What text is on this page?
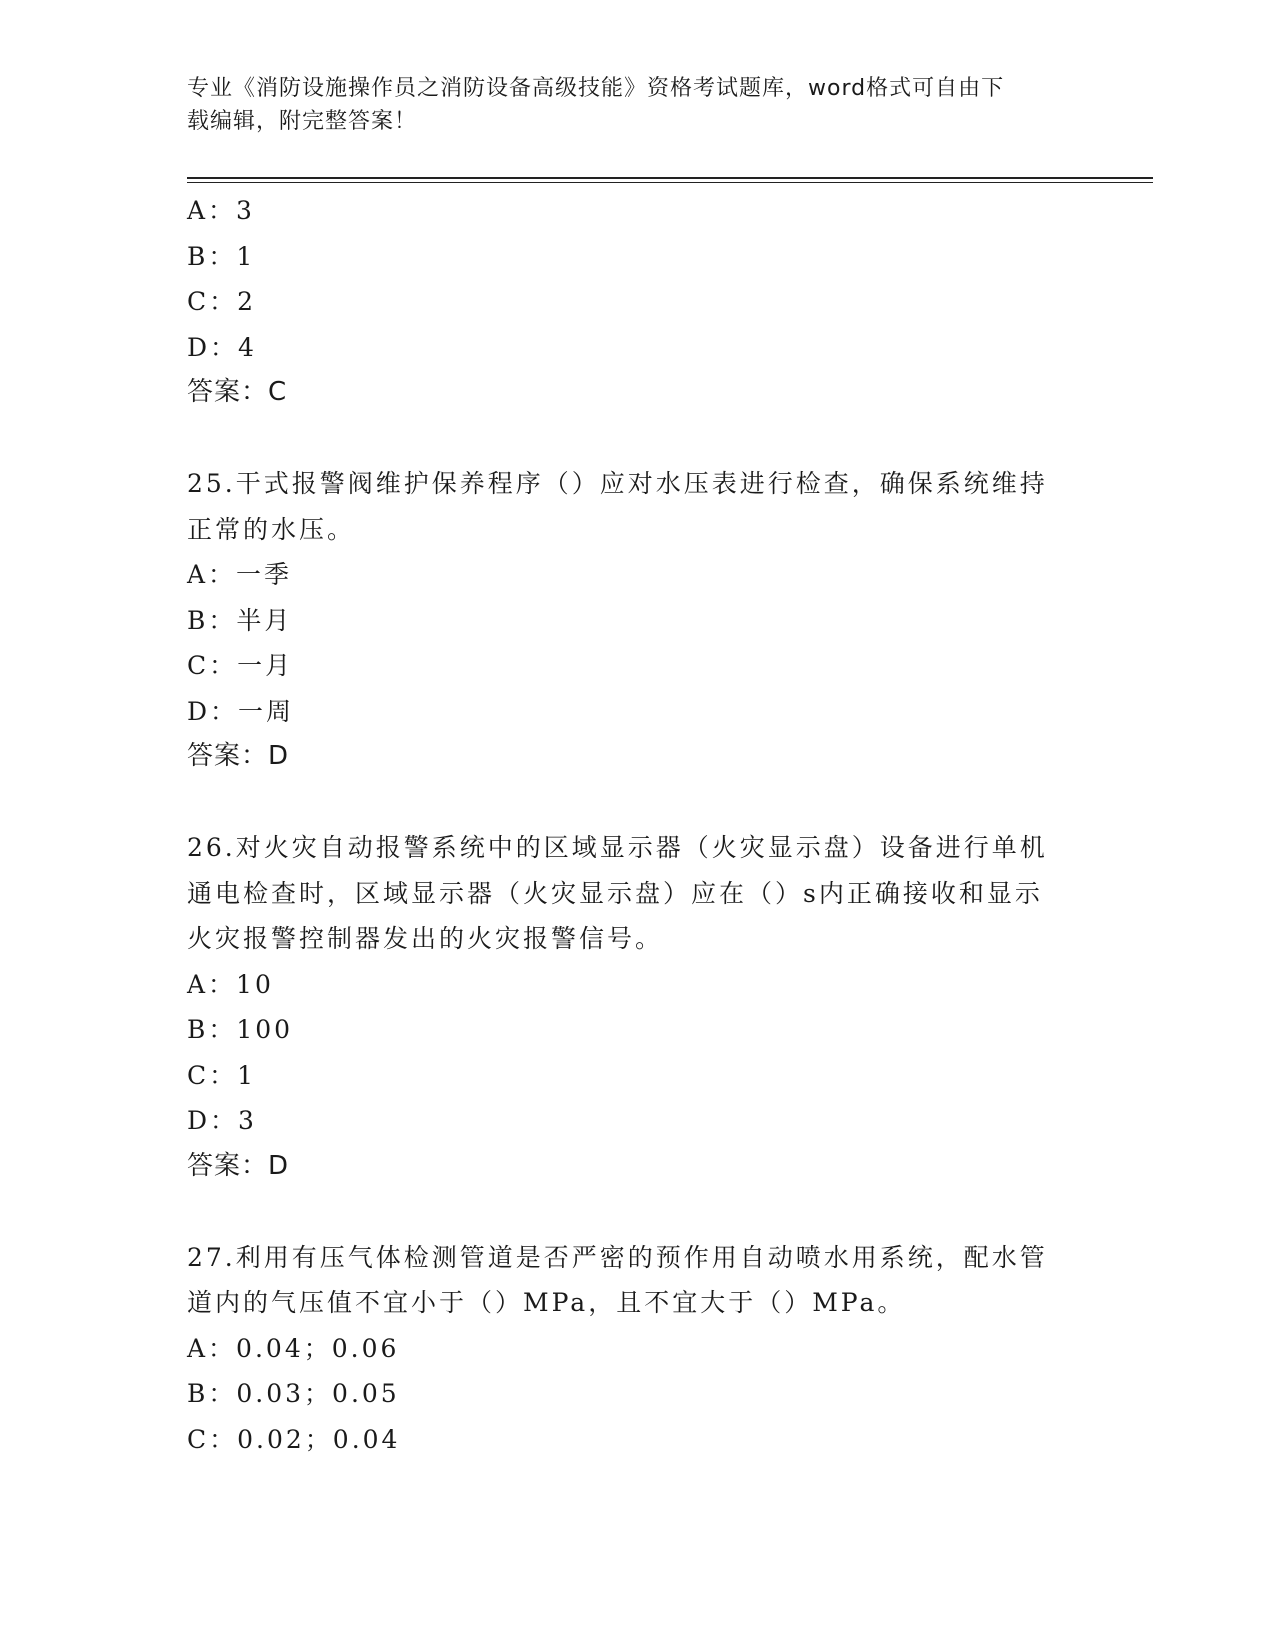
专业《消防设施操作员之消防设备高级技能》资格考试题库，word格式可自由下
载编辑，附完整答案！
A：3
B：1
C：2
D：4
答案：C
25.干式报警阀维护保养程序（）应对水压表进行检查，确保系统维持
正常的水压。
A：一季
B：半月
C：一月
D：一周
答案：D
26.对火灾自动报警系统中的区域显示器（火灾显示盘）设备进行单机
通电检查时，区域显示器（火灾显示盘）应在（）s内正确接收和显示
火灾报警控制器发出的火灾报警信号。
A：10
B：100
C：1
D：3
答案：D
27.利用有压气体检测管道是否严密的预作用自动喷水用系统，配水管
道内的气压值不宜小于（）MPa，且不宜大于（）MPa。
A：0.04；0.06
B：0.03；0.05
C：0.02；0.04
